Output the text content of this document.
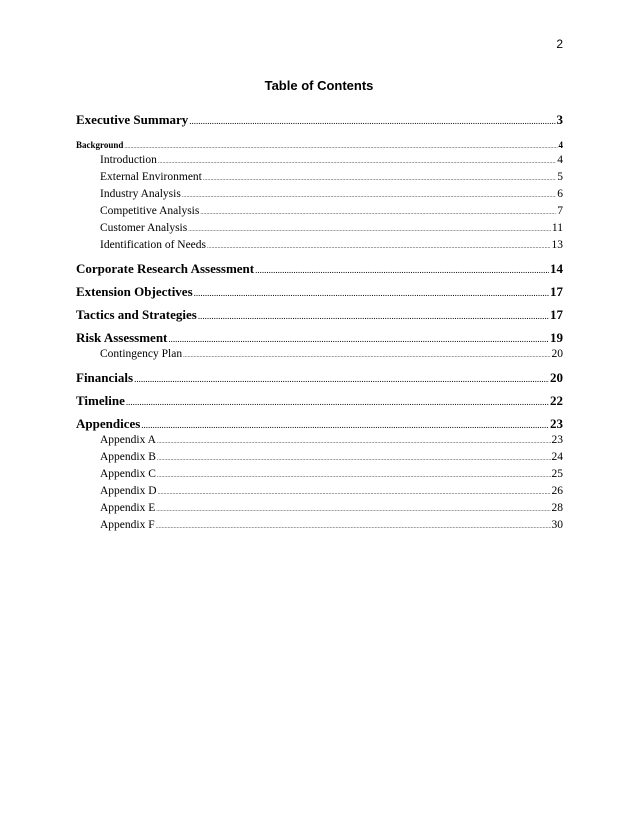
2
Table of Contents
Executive Summary .....	3
Background .....	4
Introduction .....	4
External Environment .....	5
Industry Analysis .....	6
Competitive Analysis .....	7
Customer Analysis .....	11
Identification of Needs .....	13
Corporate Research Assessment .....	14
Extension Objectives .....	17
Tactics and Strategies .....	17
Risk Assessment .....	19
Contingency Plan .....	20
Financials .....	20
Timeline .....	22
Appendices .....	23
Appendix A .....	23
Appendix B .....	24
Appendix C .....	25
Appendix D .....	26
Appendix E .....	28
Appendix F .....	30
